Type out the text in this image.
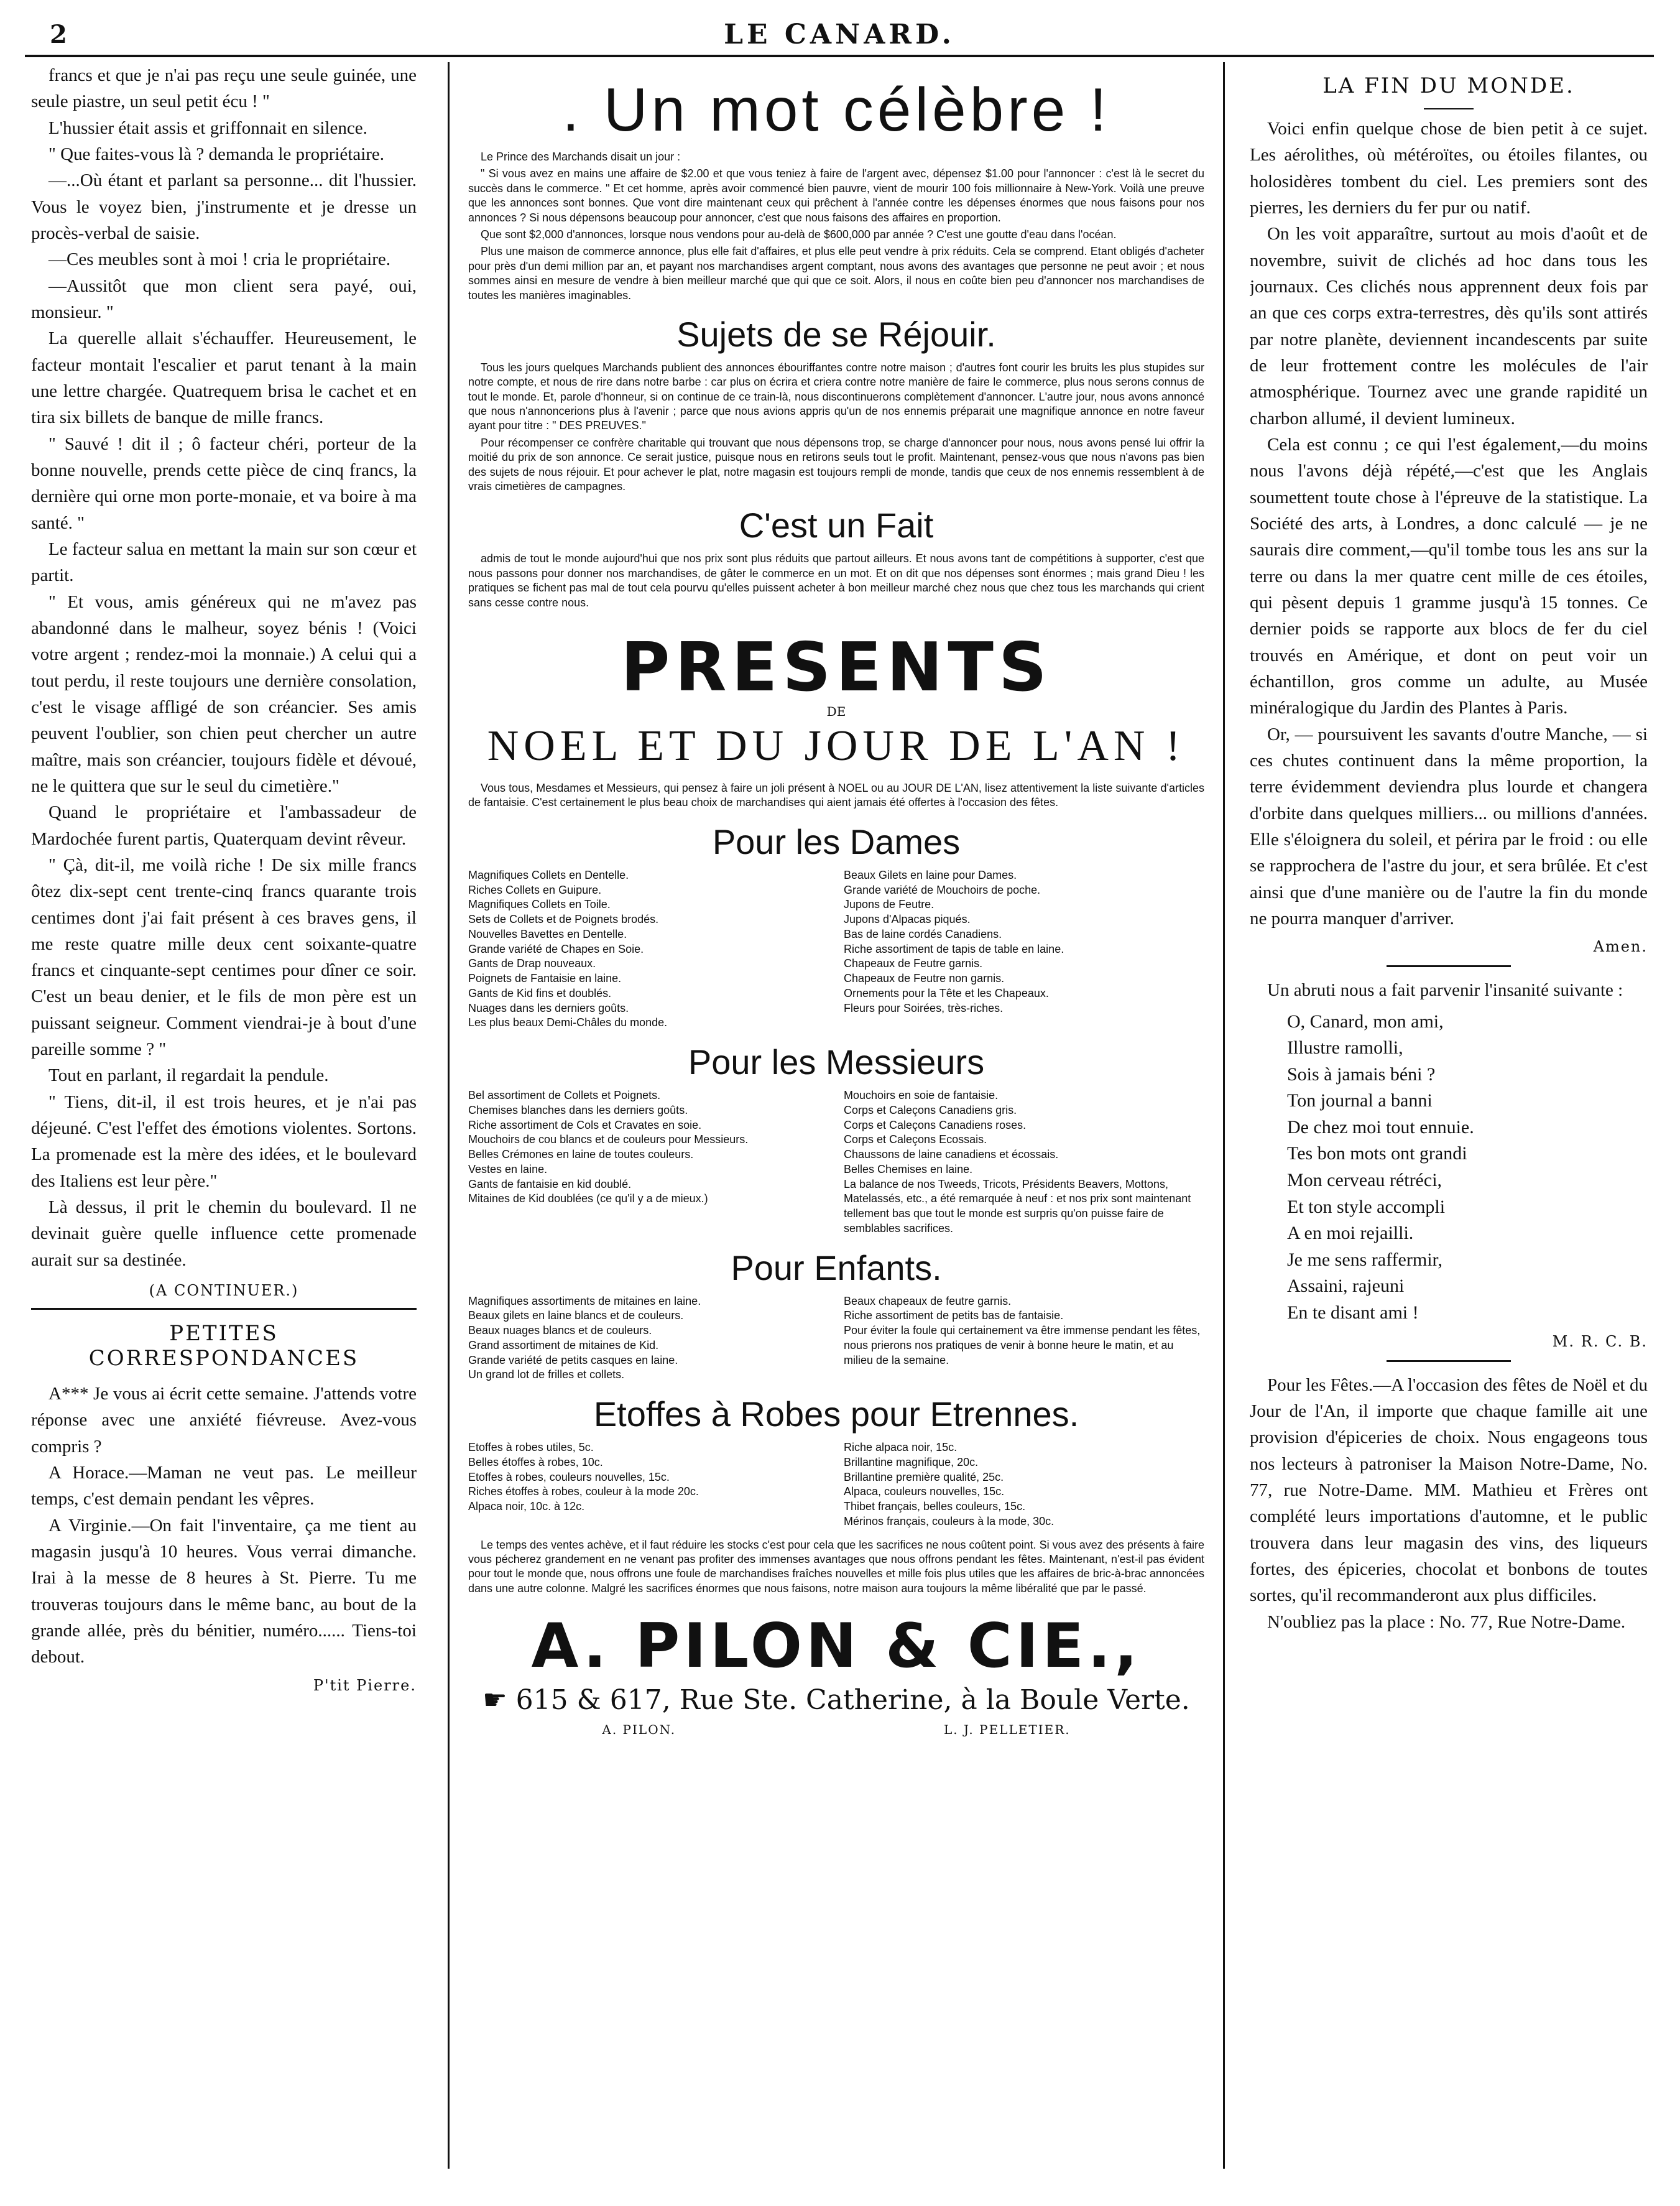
2	LE CANARD.

francs et que je n'ai pas reçu une seule guinée, une seule piastre, un seul petit écu ! "

L'hussier était assis et griffonnait en silence.

" Que faites-vous là ? demanda le propriétaire.

—...Où étant et parlant sa personne... dit l'hussier. Vous le voyez bien, j'instrumente et je dresse un procès-verbal de saisie.

—Ces meubles sont à moi ! cria le propriétaire.

—Aussitôt que mon client sera payé, oui, monsieur. "

La querelle allait s'échauffer. Heureusement, le facteur montait l'escalier et parut tenant à la main une lettre chargée. Quatrequem brisa le cachet et en tira six billets de banque de mille francs.

" Sauvé ! dit il ; ô facteur chéri, porteur de la bonne nouvelle, prends cette pièce de cinq francs, la dernière qui orne mon porte-monaie, et va boire à ma santé. "

Le facteur salua en mettant la main sur son cœur et partit.

" Et vous, amis généreux qui ne m'avez pas abandonné dans le malheur, soyez bénis ! (Voici votre argent ; rendez-moi la monnaie.) A celui qui a tout perdu, il reste toujours une dernière consolation, c'est le visage affligé de son créancier. Ses amis peuvent l'oublier, son chien peut chercher un autre maître, mais son créancier, toujours fidèle et dévoué, ne le quittera que sur le seul du cimetière."

Quand le propriétaire et l'ambassadeur de Mardochée furent partis, Quaterquam devint rêveur.

" Çà, dit-il, me voilà riche ! De six mille francs ôtez dix-sept cent trente-cinq francs quarante trois centimes dont j'ai fait présent à ces braves gens, il me reste quatre mille deux cent soixante-quatre francs et cinquante-sept centimes pour dîner ce soir. C'est un beau denier, et le fils de mon père est un puissant seigneur. Comment viendrai-je à bout d'une pareille somme ? "

Tout en parlant, il regardait la pendule.

" Tiens, dit-il, il est trois heures, et je n'ai pas déjeuné. C'est l'effet des émotions violentes. Sortons. La promenade est la mère des idées, et le boulevard des Italiens est leur père."

Là dessus, il prit le chemin du boulevard. Il ne devinait guère quelle influence cette promenade aurait sur sa destinée.

(A CONTINUER.)
PETITES CORRESPONDANCES

A*** Je vous ai écrit cette semaine. J'attends votre réponse avec une anxiété fiévreuse. Avez-vous compris ?

A Horace.—Maman ne veut pas. Le meilleur temps, c'est demain pendant les vêpres.

A Virginie.—On fait l'inventaire, ça me tient au magasin jusqu'à 10 heures. Vous verrai dimanche. Irai à la messe de 8 heures à St. Pierre. Tu me trouveras toujours dans le même banc, au bout de la grande allée, près du bénitier, numéro...... Tiens-toi debout.

P'tit Pierre.
. Un mot célèbre !

Le Prince des Marchands disait un jour :

" Si vous avez en mains une affaire de $2.00 et que vous teniez à faire de l'argent avec, dépensez $1.00 pour l'annoncer : c'est là le secret du succès dans le commerce. " Et cet homme, après avoir commencé bien pauvre, vient de mourir 100 fois millionnaire à New-York. Voilà une preuve que les annonces sont bonnes. Que vont dire maintenant ceux qui prêchent à l'année contre les dépenses énormes que nous faisons pour nos annonces ? Si nous dépensons beaucoup pour annoncer, c'est que nous faisons des affaires en proportion.

Que sont $2,000 d'annonces, lorsque nous vendons pour au-delà de $600,000 par année ? C'est une goutte d'eau dans l'océan.

Plus une maison de commerce annonce, plus elle fait d'affaires, et plus elle peut vendre à prix réduits. Cela se comprend. Etant obligés d'acheter pour près d'un demi million par an, et payant nos marchandises argent comptant, nous avons des avantages que personne ne peut avoir ; et nous sommes ainsi en mesure de vendre à bien meilleur marché que qui que ce soit. Alors, il nous en coûte bien peu d'annoncer nos marchandises de toutes les manières imaginables.

Sujets de se Réjouir.

Tous les jours quelques Marchands publient des annonces ébouriffantes contre notre maison ; d'autres font courir les bruits les plus stupides sur notre compte, et nous de rire dans notre barbe : car plus on écrira et criera contre notre manière de faire le commerce, plus nous serons connus de tout le monde. Et, parole d'honneur, si on continue de ce train-là, nous discontinuerons complètement d'annoncer. L'autre jour, nous avons annoncé que nous n'annoncerions plus à l'avenir ; parce que nous avions appris qu'un de nos ennemis préparait une magnifique annonce en notre faveur ayant pour titre : " DES PREUVES."

Pour récompenser ce confrère charitable qui trouvant que nous dépensons trop, se charge d'annoncer pour nous, nous avons pensé lui offrir la moitié du prix de son annonce. Ce serait justice, puisque nous en retirons seuls tout le profit. Maintenant, pensez-vous que nous n'avons pas bien des sujets de nous réjouir. Et pour achever le plat, notre magasin est toujours rempli de monde, tandis que ceux de nos ennemis ressemblent à de vrais cimetières de campagnes.

C'est un Fait

admis de tout le monde aujourd'hui que nos prix sont plus réduits que partout ailleurs. Et nous avons tant de compétitions à supporter, c'est que nous passons pour donner nos marchandises, de gâter le commerce en un mot. Et on dit que nos dépenses sont énormes ; mais grand Dieu ! les pratiques se fichent pas mal de tout cela pourvu qu'elles puissent acheter à bon meilleur marché chez nous que chez tous les marchands qui crient sans cesse contre nous.

PRESENTS
DE
NOEL ET DU JOUR DE L'AN !

Vous tous, Mesdames et Messieurs, qui pensez à faire un joli présent à NOEL ou au JOUR DE L'AN, lisez attentivement la liste suivante d'articles de fantaisie. C'est certainement le plus beau choix de marchandises qui aient jamais été offertes à l'occasion des fêtes.

Pour les Dames
Magnifiques Collets en Dentelle.
Riches Collets en Guipure.
Magnifiques Collets en Toile.
Sets de Collets et de Poignets brodés.
Nouvelles Bavettes en Dentelle.
Grande variété de Chapes en Soie.
Gants de Drap nouveaux.
Poignets de Fantaisie en laine.
Gants de Kid fins et doublés.
Nuages dans les derniers goûts.
Les plus beaux Demi-Châles du monde.
Beaux Gilets en laine pour Dames.
Grande variété de Mouchoirs de poche.
Jupons de Feutre.
Jupons d'Alpacas piqués.
Bas de laine cordés Canadiens.
Riche assortiment de tapis de table en laine.
Chapeaux de Feutre garnis.
Chapeaux de Feutre non garnis.
Ornements pour la Tête et les Chapeaux.
Fleurs pour Soirées, très-riches.
Pour les Messieurs
Bel assortiment de Collets et Poignets.
Chemises blanches dans les derniers goûts.
Riche assortiment de Cols et Cravates en soie.
Mouchoirs de cou blancs et de couleurs pour Messieurs.
Belles Crémones en laine de toutes couleurs.
Vestes en laine.
Gants de fantaisie en kid doublé.
Mitaines de Kid doublées (ce qu'il y a de mieux.)
Mouchoirs en soie de fantaisie.
Corps et Caleçons Canadiens gris.
Corps et Caleçons Canadiens roses.
Corps et Caleçons Ecossais.
Chaussons de laine canadiens et écossais.
Belles Chemises en laine.
La balance de nos Tweeds, Tricots, Présidents Beavers, Mottons, Matelassés, etc., a été remarquée à neuf : et nos prix sont maintenant tellement bas que tout le monde est surpris qu'on puisse faire de semblables sacrifices.
Pour Enfants.
Magnifiques assortiments de mitaines en laine.
Beaux gilets en laine blancs et de couleurs.
Beaux nuages blancs et de couleurs.
Grand assortiment de mitaines de Kid.
Grande variété de petits casques en laine.
Un grand lot de frilles et collets.
Beaux chapeaux de feutre garnis.
Riche assortiment de petits bas de fantaisie.
Pour éviter la foule qui certainement va être immense pendant les fêtes, nous prierons nos pratiques de venir à bonne heure le matin, et au milieu de la semaine.
Etoffes à Robes pour Etrennes.
Etoffes à robes utiles, 5c.
Belles étoffes à robes, 10c.
Etoffes à robes, couleurs nouvelles, 15c.
Riches étoffes à robes, couleur à la mode 20c.
Alpaca noir, 10c. à 12c.
Riche alpaca noir, 15c.
Brillantine magnifique, 20c.
Brillantine première qualité, 25c.
Alpaca, couleurs nouvelles, 15c.
Thibet français, belles couleurs, 15c.
Mérinos français, couleurs à la mode, 30c.

Le temps des ventes achève, et il faut réduire les stocks c'est pour cela que les sacrifices ne nous coûtent point. Si vous avez des présents à faire vous pécherez grandement en ne venant pas profiter des immenses avantages que nous offrons pendant les fêtes. Maintenant, n'est-il pas évident pour tout le monde que, nous offrons une foule de marchandises fraîches nouvelles et mille fois plus utiles que les affaires de bric-à-brac annoncées dans une autre colonne. Malgré les sacrifices énormes que nous faisons, notre maison aura toujours la même libéralité que par le passé.

A. PILON & CIE.,
☛ 615 & 617, Rue Ste. Catherine, à la Boule Verte.
A. PILON.	L. J. PELLETIER.
LA FIN DU MONDE.

Voici enfin quelque chose de bien petit à ce sujet. Les aérolithes, où météroïtes, ou étoiles filantes, ou holosidères tombent du ciel. Les premiers sont des pierres, les derniers du fer pur ou natif.

On les voit apparaître, surtout au mois d'août et de novembre, suivit de clichés ad hoc dans tous les journaux. Ces clichés nous apprennent deux fois par an que ces corps extra-terrestres, dès qu'ils sont attirés par notre planète, deviennent incandescents par suite de leur frottement contre les molécules de l'air atmosphérique. Tournez avec une grande rapidité un charbon allumé, il devient lumineux.

Cela est connu ; ce qui l'est également,—du moins nous l'avons déjà répété,—c'est que les Anglais soumettent toute chose à l'épreuve de la statistique. La Société des arts, à Londres, a donc calculé — je ne saurais dire comment,—qu'il tombe tous les ans sur la terre ou dans la mer quatre cent mille de ces étoiles, qui pèsent depuis 1 gramme jusqu'à 15 tonnes. Ce dernier poids se rapporte aux blocs de fer du ciel trouvés en Amérique, et dont on peut voir un échantillon, gros comme un adulte, au Musée minéralogique du Jardin des Plantes à Paris.

Or, — poursuivent les savants d'outre Manche, — si ces chutes continuent dans la même proportion, la terre évidemment deviendra plus lourde et changera d'orbite dans quelques milliers... ou millions d'années. Elle s'éloignera du soleil, et périra par le froid : ou elle se rapprochera de l'astre du jour, et sera brûlée. Et c'est ainsi que d'une manière ou de l'autre la fin du monde ne pourra manquer d'arriver.

Amen.

Un abruti nous a fait parvenir l'insanité suivante :

O, Canard, mon ami,
Illustre ramolli,
Sois à jamais béni ?
Ton journal a banni
De chez moi tout ennuie.
Tes bon mots ont grandi
Mon cerveau rétréci,
Et ton style accompli
A en moi rejailli.
Je me sens raffermir,
Assaini, rajeuni
En te disant ami !
M. R. C. B.

Pour les Fêtes.—A l'occasion des fêtes de Noël et du Jour de l'An, il importe que chaque famille ait une provision d'épiceries de choix. Nous engageons tous nos lecteurs à patroniser la Maison Notre-Dame, No. 77, rue Notre-Dame. MM. Mathieu et Frères ont complété leurs importations d'automne, et le public trouvera dans leur magasin des vins, des liqueurs fortes, des épiceries, chocolat et bonbons de toutes sortes, qu'il recommanderont aux plus difficiles.

N'oubliez pas la place : No. 77, Rue Notre-Dame.
